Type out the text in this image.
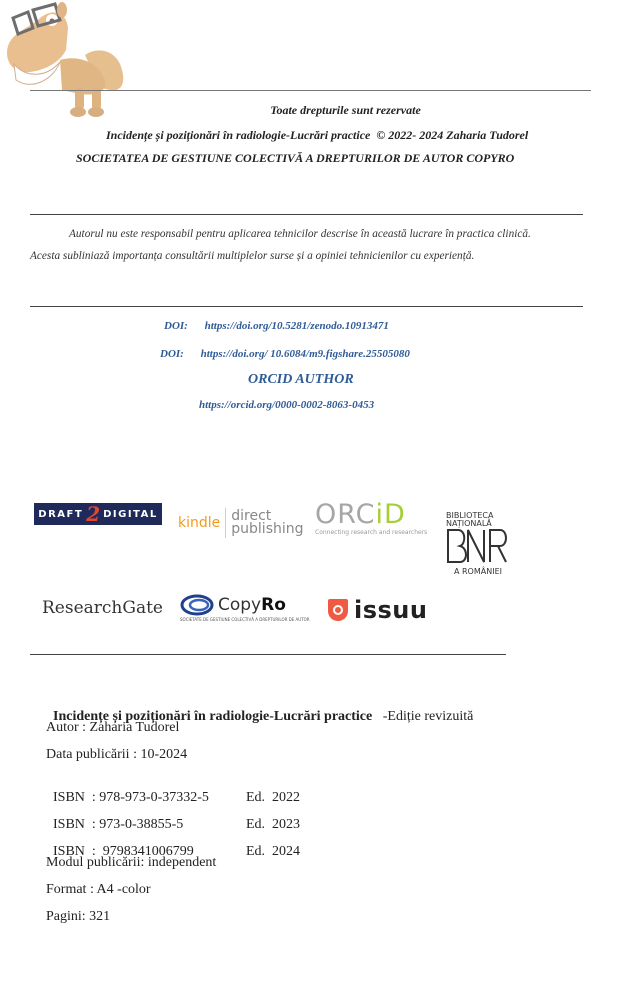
Toate drepturile sunt rezervate
Incidențe și poziționări în radiologie-Lucrări practice  © 2022- 2024 Zaharia Tudorel
SOCIETATEA DE GESTIUNE COLECTIVĂ A DREPTURILOR DE AUTOR COPYRO
Autorul nu este responsabil pentru aplicarea tehnicilor descrise în această lucrare în practica clinică.
Acesta subliniază importanța consultării multiplelor surse și a opiniei tehnicienilor cu experiență.
DOI: https://doi.org/10.5281/zenodo.10913471
DOI: https://doi.org/ 10.6084/m9.figshare.25505080
ORCID AUTHOR
https://orcid.org/0000-0002-8063-0453
DRAFT 2 DIGITAL
kindle direct
publishing ORCiD
Connecting research and researchers
BIBLIOTECA
NAȚIONALĂ
A ROMÂNIEI
ResearchGate	CopyRo
SOCIETATE DE GESTIUNE COLECTIVĂ A DREPTURILOR DE AUTOR issuu

Incidențe și poziționări în radiologie-Lucrări practice -Ediție revizuită

Autor : Zaharia Tudorel
Data publicării : 10-2024

ISBN  : 978-973-0-37332-5	Ed.  2022

ISBN  : 973-0-38855-5	Ed.  2023

ISBN  :  9798341006799	Ed.  2024

Modul publicării: independent
Format : A4 -color
Pagini: 321
